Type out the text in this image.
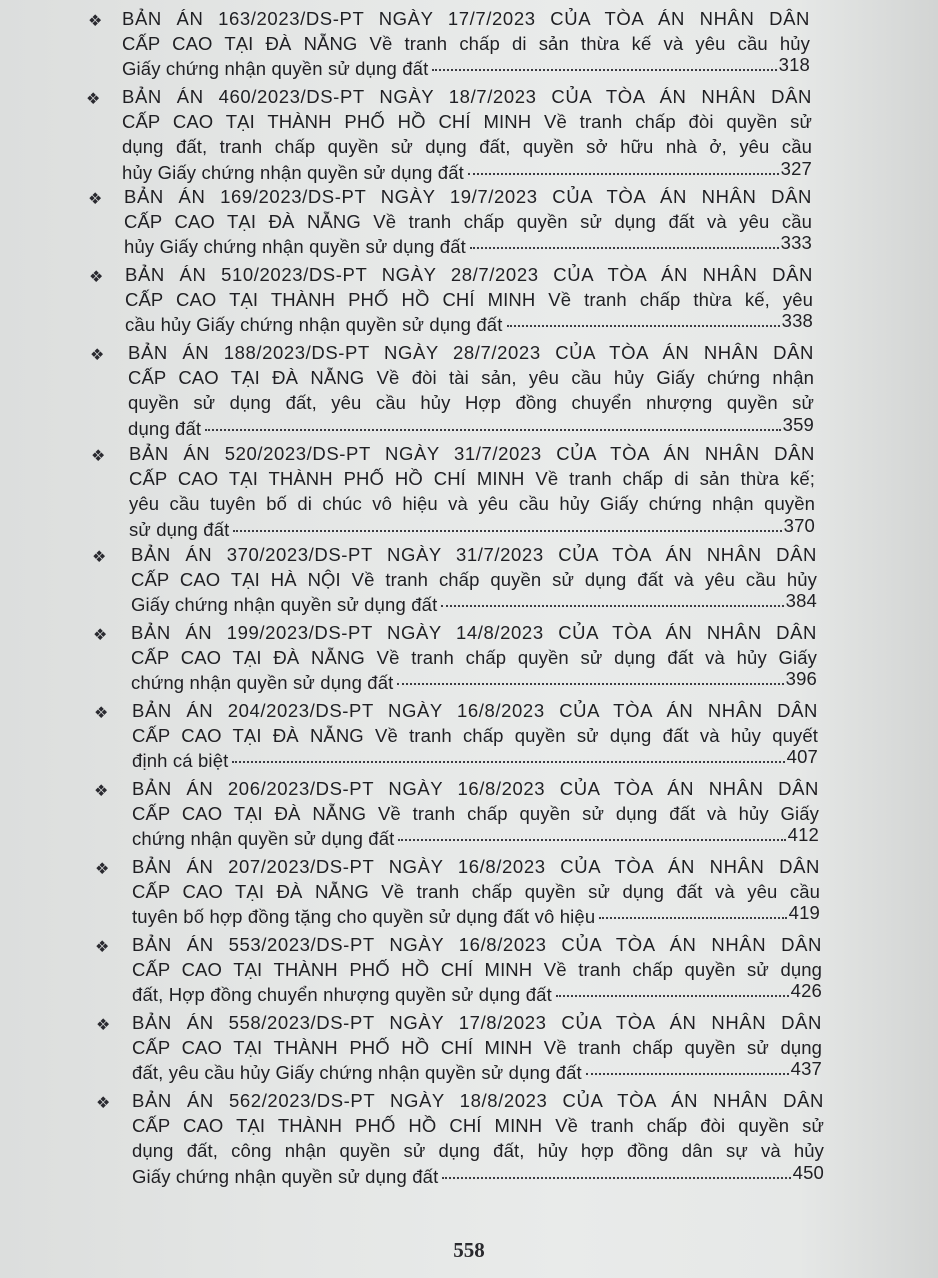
❖ BẢN ÁN 163/2023/DS-PT NGÀY 17/7/2023 CỦA TÒA ÁN NHÂN DÂN
CẤP CAO TẠI ĐÀ NẴNG Về tranh chấp di sản thừa kế và yêu cầu hủy
Giấy chứng nhận quyền sử dụng đất	318
❖ BẢN ÁN 460/2023/DS-PT NGÀY 18/7/2023 CỦA TÒA ÁN NHÂN DÂN
CẤP CAO TẠI THÀNH PHỐ HỒ CHÍ MINH Về tranh chấp đòi quyền sử
dụng đất, tranh chấp quyền sử dụng đất, quyền sở hữu nhà ở, yêu cầu
hủy Giấy chứng nhận quyền sử dụng đất	327
❖ BẢN ÁN 169/2023/DS-PT NGÀY 19/7/2023 CỦA TÒA ÁN NHÂN DÂN
CẤP CAO TẠI ĐÀ NẴNG Về tranh chấp quyền sử dụng đất và yêu cầu
hủy Giấy chứng nhận quyền sử dụng đất	333
❖ BẢN ÁN 510/2023/DS-PT NGÀY 28/7/2023 CỦA TÒA ÁN NHÂN DÂN
CẤP CAO TẠI THÀNH PHỐ HỒ CHÍ MINH Về tranh chấp thừa kế, yêu
cầu hủy Giấy chứng nhận quyền sử dụng đất	338
❖ BẢN ÁN 188/2023/DS-PT NGÀY 28/7/2023 CỦA TÒA ÁN NHÂN DÂN
CẤP CAO TẠI ĐÀ NẴNG Về đòi tài sản, yêu cầu hủy Giấy chứng nhận
quyền sử dụng đất, yêu cầu hủy Hợp đồng chuyển nhượng quyền sử
dụng đất	359
❖ BẢN ÁN 520/2023/DS-PT NGÀY 31/7/2023 CỦA TÒA ÁN NHÂN DÂN
CẤP CAO TẠI THÀNH PHỐ HỒ CHÍ MINH Về tranh chấp di sản thừa kế;
yêu cầu tuyên bố di chúc vô hiệu và yêu cầu hủy Giấy chứng nhận quyền
sử dụng đất	370
❖ BẢN ÁN 370/2023/DS-PT NGÀY 31/7/2023 CỦA TÒA ÁN NHÂN DÂN
CẤP CAO TẠI HÀ NỘI Về tranh chấp quyền sử dụng đất và yêu cầu hủy
Giấy chứng nhận quyền sử dụng đất	384
❖ BẢN ÁN 199/2023/DS-PT NGÀY 14/8/2023 CỦA TÒA ÁN NHÂN DÂN
CẤP CAO TẠI ĐÀ NẴNG Về tranh chấp quyền sử dụng đất và hủy Giấy
chứng nhận quyền sử dụng đất	396
❖ BẢN ÁN 204/2023/DS-PT NGÀY 16/8/2023 CỦA TÒA ÁN NHÂN DÂN
CẤP CAO TẠI ĐÀ NẴNG Về tranh chấp quyền sử dụng đất và hủy quyết
định cá biệt	407
❖ BẢN ÁN 206/2023/DS-PT NGÀY 16/8/2023 CỦA TÒA ÁN NHÂN DÂN
CẤP CAO TẠI ĐÀ NẴNG Về tranh chấp quyền sử dụng đất và hủy Giấy
chứng nhận quyền sử dụng đất	412
❖ BẢN ÁN 207/2023/DS-PT NGÀY 16/8/2023 CỦA TÒA ÁN NHÂN DÂN
CẤP CAO TẠI ĐÀ NẴNG Về tranh chấp quyền sử dụng đất và yêu cầu
tuyên bố hợp đồng tặng cho quyền sử dụng đất vô hiệu	419
❖ BẢN ÁN 553/2023/DS-PT NGÀY 16/8/2023 CỦA TÒA ÁN NHÂN DÂN
CẤP CAO TẠI THÀNH PHỐ HỒ CHÍ MINH Về tranh chấp quyền sử dụng
đất, Hợp đồng chuyển nhượng quyền sử dụng đất	426
❖ BẢN ÁN 558/2023/DS-PT NGÀY 17/8/2023 CỦA TÒA ÁN NHÂN DÂN
CẤP CAO TẠI THÀNH PHỐ HỒ CHÍ MINH Về tranh chấp quyền sử dụng
đất, yêu cầu hủy Giấy chứng nhận quyền sử dụng đất	437
❖ BẢN ÁN 562/2023/DS-PT NGÀY 18/8/2023 CỦA TÒA ÁN NHÂN DÂN
CẤP CAO TẠI THÀNH PHỐ HỒ CHÍ MINH Về tranh chấp đòi quyền sử
dụng đất, công nhận quyền sử dụng đất, hủy hợp đồng dân sự và hủy
Giấy chứng nhận quyền sử dụng đất	450
558
